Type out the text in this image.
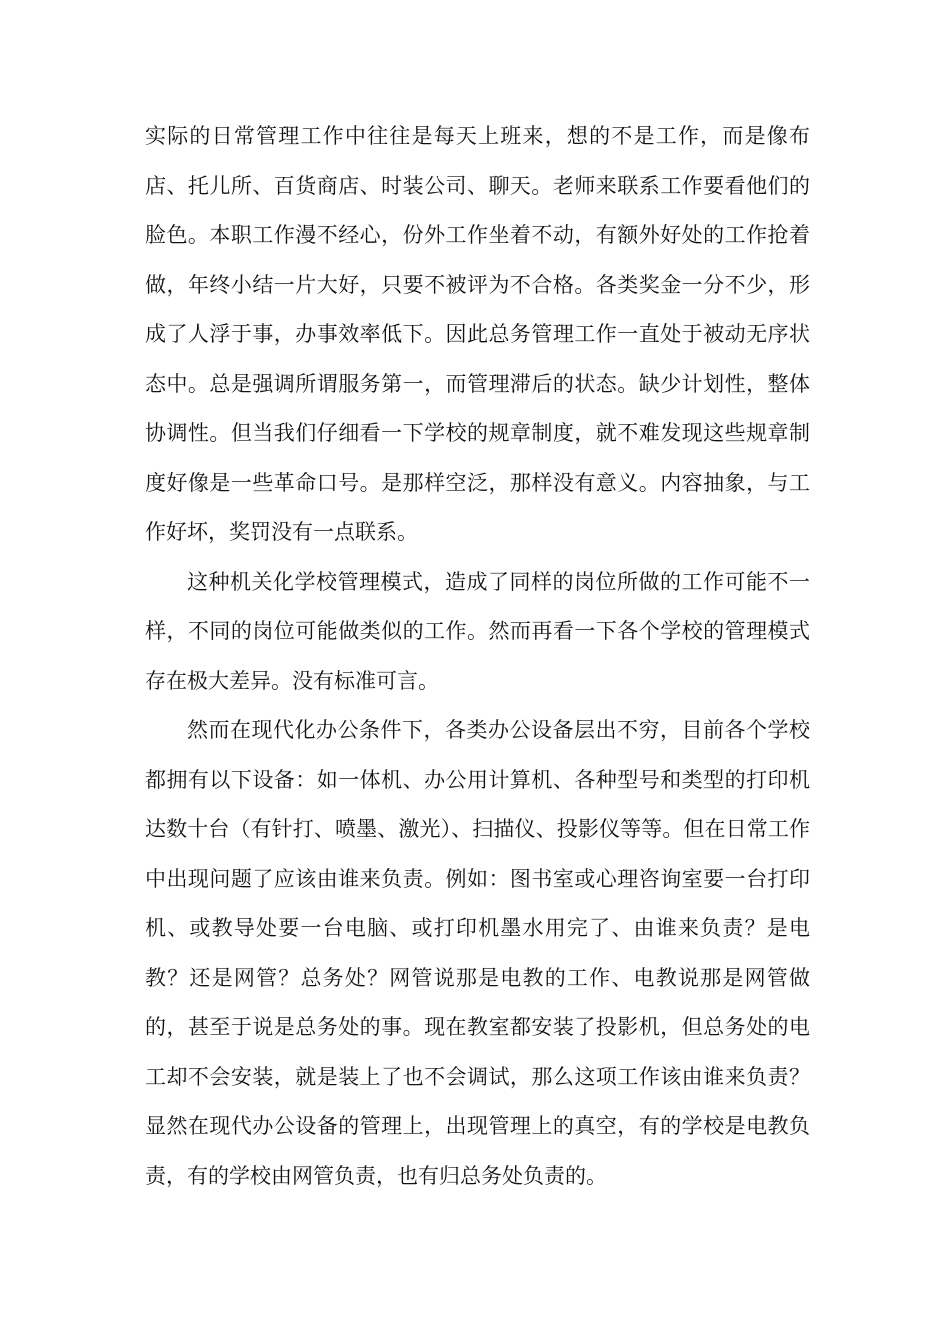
实际的日常管理工作中往往是每天上班来，想的不是工作，而是像布店、托儿所、百货商店、时装公司、聊天。老师来联系工作要看他们的脸色。本职工作漫不经心，份外工作坐着不动，有额外好处的工作抢着做，年终小结一片大好，只要不被评为不合格。各类奖金一分不少，形成了人浮于事，办事效率低下。因此总务管理工作一直处于被动无序状态中。总是强调所谓服务第一，而管理滞后的状态。缺少计划性，整体协调性。但当我们仔细看一下学校的规章制度，就不难发现这些规章制度好像是一些革命口号。是那样空泛，那样没有意义。内容抽象，与工作好坏，奖罚没有一点联系。

这种机关化学校管理模式，造成了同样的岗位所做的工作可能不一样，不同的岗位可能做类似的工作。然而再看一下各个学校的管理模式存在极大差异。没有标准可言。

然而在现代化办公条件下，各类办公设备层出不穷，目前各个学校都拥有以下设备：如一体机、办公用计算机、各种型号和类型的打印机达数十台（有针打、喷墨、激光）、扫描仪、投影仪等等。但在日常工作中出现问题了应该由谁来负责。例如：图书室或心理咨询室要一台打印机、或教导处要一台电脑、或打印机墨水用完了、由谁来负责？是电教？还是网管？总务处？网管说那是电教的工作、电教说那是网管做的，甚至于说是总务处的事。现在教室都安装了投影机，但总务处的电工却不会安装，就是装上了也不会调试，那么这项工作该由谁来负责？显然在现代办公设备的管理上，出现管理上的真空，有的学校是电教负责，有的学校由网管负责，也有归总务处负责的。
